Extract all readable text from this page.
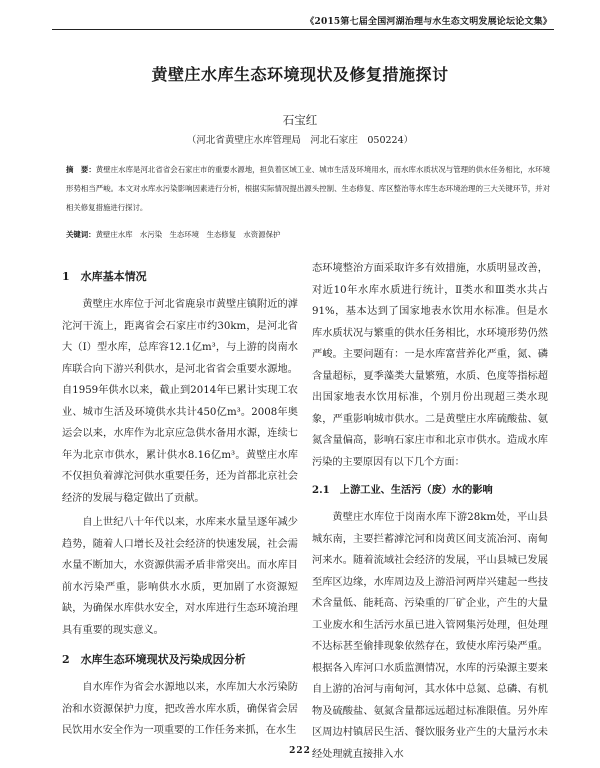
《2015第七届全国河湖治理与水生态文明发展论坛论文集》
黄壁庄水库生态环境现状及修复措施探讨
石宝红
（河北省黄壁庄水库管理局　河北石家庄　050224）
摘　要：黄壁庄水库是河北省省会石家庄市的重要水源地，担负着区域工业、城市生活及环境用水，而水库水质状况与管理的供水任务相比，水环境形势相当严峻。本文对水库水污染影响因素进行分析，根据实际情况提出源头控制、生态修复、库区整治等水库生态环境治理的三大关键环节，并对相关修复措施进行探讨。
关键词：黄壁庄水库　水污染　生态环境　生态修复　水资源保护
1　水库基本情况

黄壁庄水库位于河北省鹿泉市黄壁庄镇附近的滹沱河干流上，距离省会石家庄市约30km，是河北省大（Ⅰ）型水库，总库容12.1亿m³，与上游的岗南水库联合向下游兴利供水，是河北省省会重要水源地。自1959年供水以来，截止到2014年已累计实现工农业、城市生活及环境供水共计450亿m³。2008年奥运会以来，水库作为北京应急供水备用水源，连续七年为北京市供水，累计供水8.16亿m³。黄壁庄水库不仅担负着滹沱河供水重要任务，还为首都北京社会经济的发展与稳定做出了贡献。

自上世纪八十年代以来，水库来水量呈逐年减少趋势，随着人口增长及社会经济的快速发展，社会需水量不断加大，水资源供需矛盾非常突出。而水库目前水污染严重，影响供水水质，更加剧了水资源短缺，为确保水库供水安全，对水库进行生态环境治理具有重要的现实意义。

2　水库生态环境现状及污染成因分析

自水库作为省会水源地以来，水库加大水污染防治和水资源保护力度，把改善水库水质，确保省会居民饮用水安全作为一项重要的工作任务来抓，在水生

态环境整治方面采取许多有效措施，水质明显改善，对近10年水库水质进行统计，Ⅱ类水和Ⅲ类水共占91%，基本达到了国家地表水饮用水标准。但是水库水质状况与繁重的供水任务相比，水环境形势仍然严峻。主要问题有：一是水库富营养化严重，氮、磷含量超标，夏季藻类大量繁殖，水质、色度等指标超出国家地表水饮用标准，个别月份出现超三类水现象，严重影响城市供水。二是黄壁庄水库硫酸盐、氨氮含量偏高，影响石家庄市和北京市供水。造成水库污染的主要原因有以下几个方面：

2.1　上游工业、生活污（废）水的影响

黄壁庄水库位于岗南水库下游28km处，平山县城东南，主要拦蓄滹沱河和岗黄区间支流冶河、南甸河来水。随着流域社会经济的发展，平山县城已发展至库区边缘，水库周边及上游沿河两岸兴建起一些技术含量低、能耗高、污染重的厂矿企业，产生的大量工业废水和生活污水虽已进入管网集污处理，但处理不达标甚至偷排现象依然存在，致使水库污染严重。根据各入库河口水质监测情况，水库的污染源主要来自上游的冶河与南甸河，其水体中总氮、总磷、有机物及硫酸盐、氨氮含量都远远超过标准限值。另外库区周边村镇居民生活、餐饮服务业产生的大量污水未经处理就直接排入水

222
